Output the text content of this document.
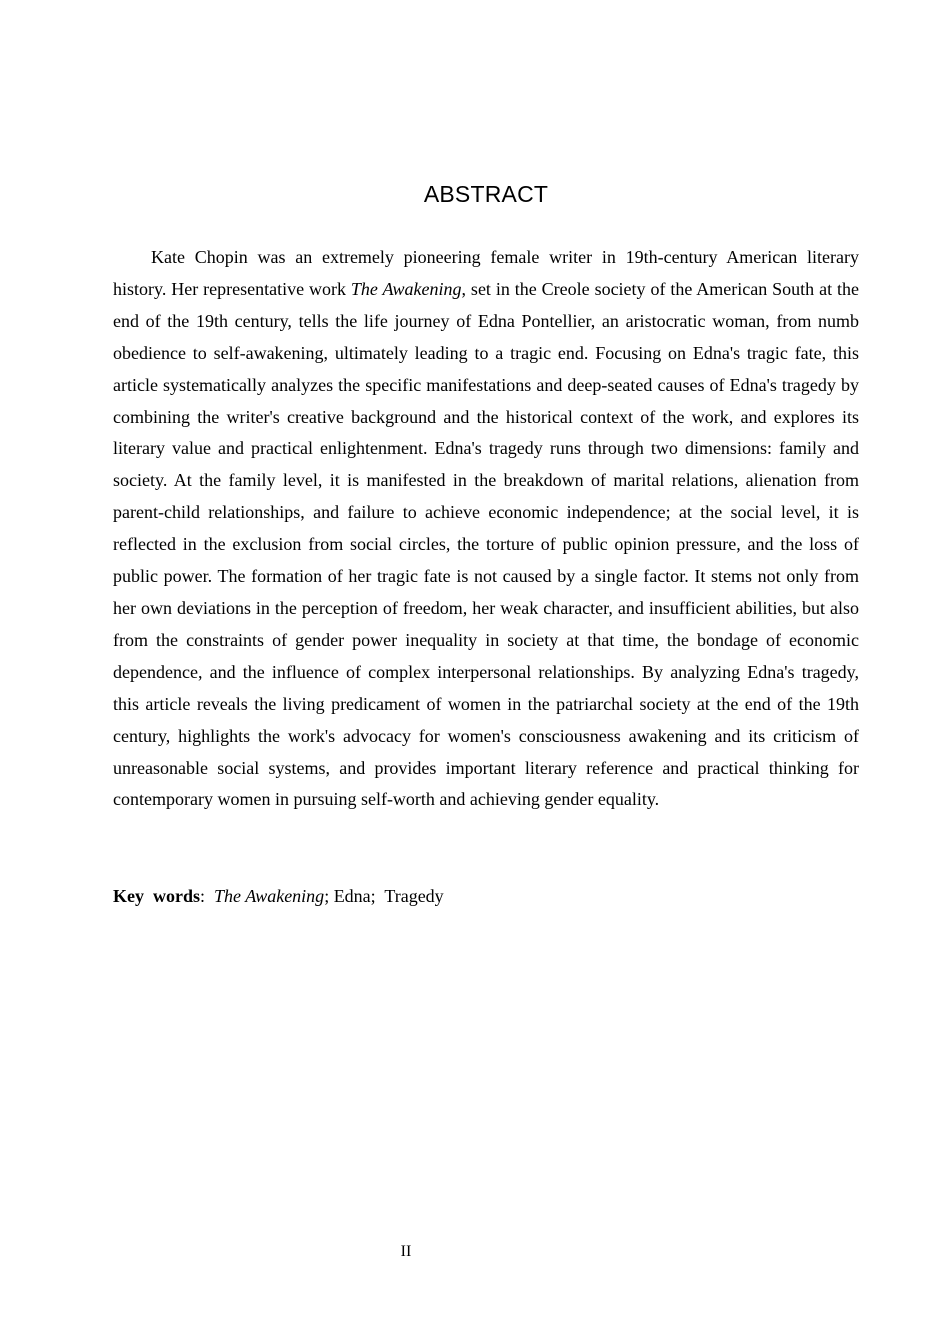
ABSTRACT

Kate Chopin was an extremely pioneering female writer in 19th-century American literary history. Her representative work The Awakening, set in the Creole society of the American South at the end of the 19th century, tells the life journey of Edna Pontellier, an aristocratic woman, from numb obedience to self-awakening, ultimately leading to a tragic end. Focusing on Edna's tragic fate, this article systematically analyzes the specific manifestations and deep-seated causes of Edna's tragedy by combining the writer's creative background and the historical context of the work, and explores its literary value and practical enlightenment. Edna's tragedy runs through two dimensions: family and society. At the family level, it is manifested in the breakdown of marital relations, alienation from parent-child relationships, and failure to achieve economic independence; at the social level, it is reflected in the exclusion from social circles, the torture of public opinion pressure, and the loss of public power. The formation of her tragic fate is not caused by a single factor. It stems not only from her own deviations in the perception of freedom, her weak character, and insufficient abilities, but also from the constraints of gender power inequality in society at that time, the bondage of economic dependence, and the influence of complex interpersonal relationships. By analyzing Edna's tragedy, this article reveals the living predicament of women in the patriarchal society at the end of the 19th century, highlights the work's advocacy for women's consciousness awakening and its criticism of unreasonable social systems, and provides important literary reference and practical thinking for contemporary women in pursuing self-worth and achieving gender equality.

Key  words:  The Awakening; Edna;  Tragedy

II
